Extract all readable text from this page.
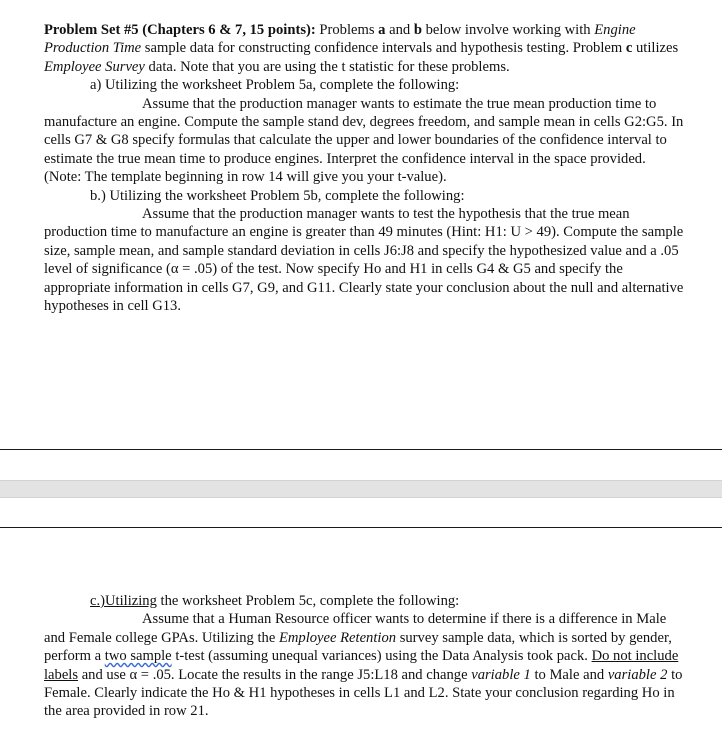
Problem Set #5 (Chapters 6 & 7, 15 points): Problems a and b below involve working with Engine Production Time sample data for constructing confidence intervals and hypothesis testing. Problem c utilizes Employee Survey data. Note that you are using the t statistic for these problems.

a) Utilizing the worksheet Problem 5a, complete the following:

Assume that the production manager wants to estimate the true mean production time to manufacture an engine. Compute the sample stand dev, degrees freedom, and sample mean in cells G2:G5. In cells G7 & G8 specify formulas that calculate the upper and lower boundaries of the confidence interval to estimate the true mean time to produce engines. Interpret the confidence interval in the space provided. (Note: The template beginning in row 14 will give you your t-value).

b.) Utilizing the worksheet Problem 5b, complete the following:

Assume that the production manager wants to test the hypothesis that the true mean production time to manufacture an engine is greater than 49 minutes (Hint: H1: U > 49). Compute the sample size, sample mean, and sample standard deviation in cells J6:J8 and specify the hypothesized value and a .05 level of significance (α = .05) of the test. Now specify Ho and H1 in cells G4 & G5 and specify the appropriate information in cells G7, G9, and G11. Clearly state your conclusion about the null and alternative hypotheses in cell G13.

c.)Utilizing the worksheet Problem 5c, complete the following:

Assume that a Human Resource officer wants to determine if there is a difference in Male and Female college GPAs. Utilizing the Employee Retention survey sample data, which is sorted by gender, perform a two sample t-test (assuming unequal variances) using the Data Analysis took pack. Do not include labels and use α = .05. Locate the results in the range J5:L18 and change variable 1 to Male and variable 2 to Female. Clearly indicate the Ho & H1 hypotheses in cells L1 and L2. State your conclusion regarding Ho in the area provided in row 21.
